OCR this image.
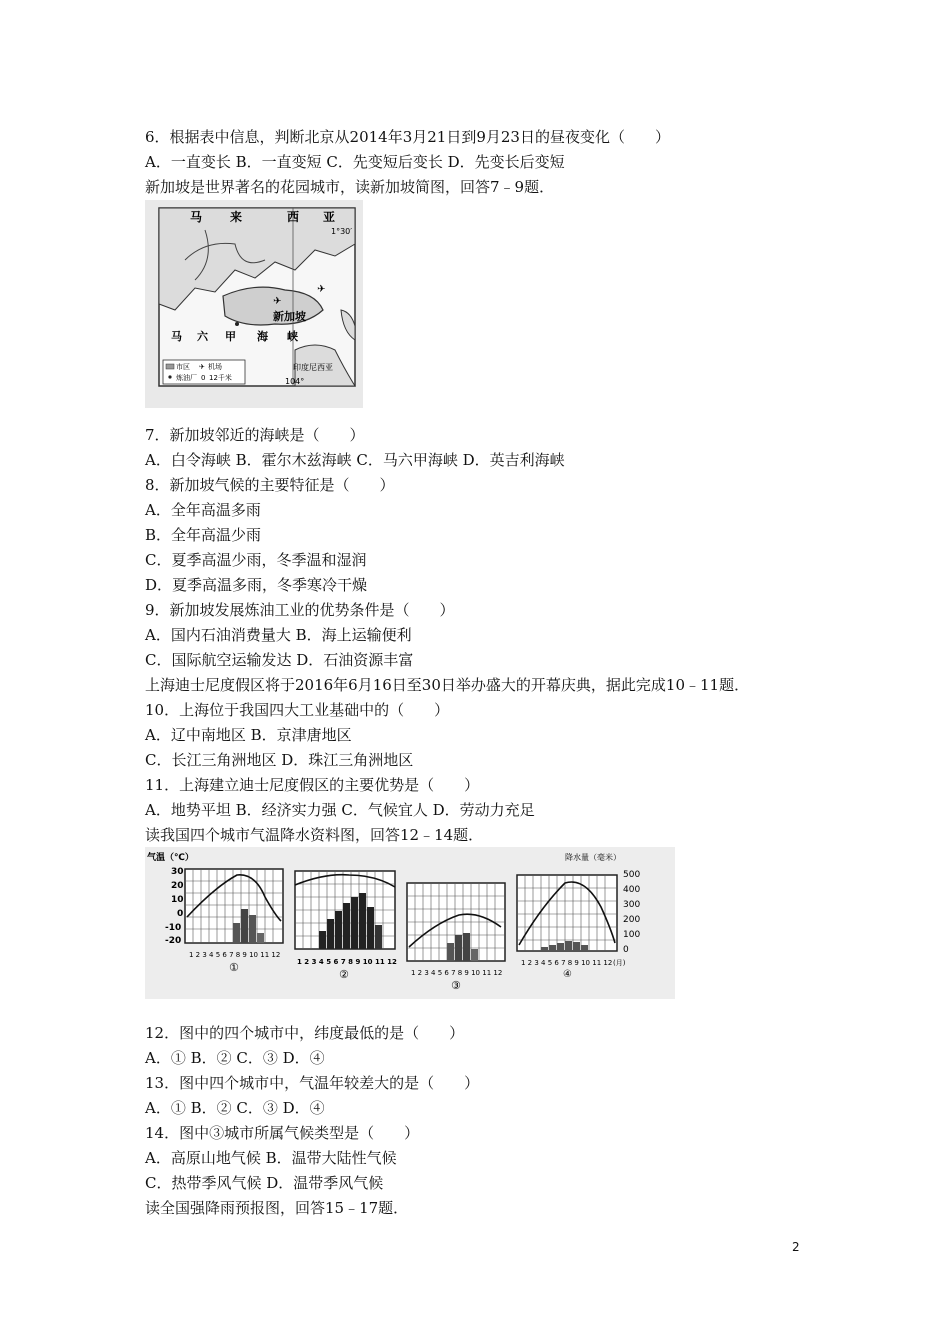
6．根据表中信息，判断北京从2014年3月21日到9月23日的昼夜变化（　　）
A．一直变长 B．一直变短 C．先变短后变长 D．先变长后变短
新加坡是世界著名的花园城市，读新加坡简图，回答7﹣9题．
✈
✈
马 来	西 亚
1°30′
新加坡
马 六 甲 海 峡
市区
炼油厂
✈ 机场
0 12千米
印度尼西亚
104°
7．新加坡邻近的海峡是（　　）
A．白令海峡 B．霍尔木兹海峡 C．马六甲海峡 D．英吉利海峡
8．新加坡气候的主要特征是（　　）
A．全年高温多雨
B．全年高温少雨
C．夏季高温少雨，冬季温和湿润
D．夏季高温多雨，冬季寒冷干燥
9．新加坡发展炼油工业的优势条件是（　　）
A．国内石油消费量大 B．海上运输便利
C．国际航空运输发达 D．石油资源丰富
上海迪士尼度假区将于2016年6月16日至30日举办盛大的开幕庆典，据此完成10﹣11题．
10．上海位于我国四大工业基础中的（　　）
A．辽中南地区 B．京津唐地区
C．长江三角洲地区 D．珠江三角洲地区
11．上海建立迪士尼度假区的主要优势是（　　）
A．地势平坦 B．经济实力强 C．气候宜人 D．劳动力充足
读我国四个城市气温降水资料图，回答12﹣14题．
气温（℃）
30
20
10
0
-10
-20
1 2 3 4 5 6 7 8 9 10 11 12
①	1 2 3 4 5 6 7 8 9 10 11 12
②	1 2 3 4 5 6 7 8 9 10 11 12
③
降水量（毫米）
500
400
300
200
100
0
1 2 3 4 5 6 7 8 9 10 11 12 (月)
④
12．图中的四个城市中，纬度最低的是（　　）
A．① B．② C．③ D．④
13．图中四个城市中，气温年较差大的是（　　）
A．① B．② C．③ D．④
14．图中③城市所属气候类型是（　　）
A．高原山地气候 B．温带大陆性气候
C．热带季风气候 D．温带季风气候
读全国强降雨预报图，回答15﹣17题．
2
